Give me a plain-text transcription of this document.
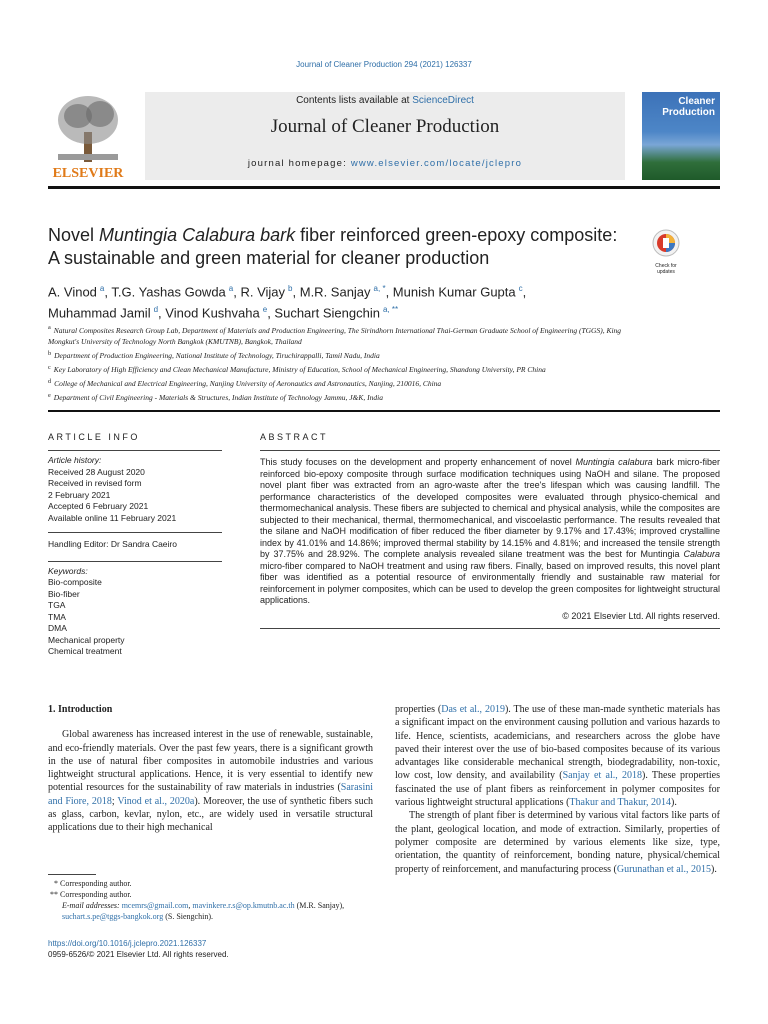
Journal of Cleaner Production 294 (2021) 126337
ELSEVIER
Contents lists available at ScienceDirect
Journal of Cleaner Production
journal homepage: www.elsevier.com/locate/jclepro
Cleaner
Production
Novel Muntingia Calabura bark fiber reinforced green-epoxy composite: A sustainable and green material for cleaner production	Check for updates
A. Vinod $^a$, T.G. Yashas Gowda $^a$, R. Vijay $^b$, M.R. Sanjay $^{a, *}$, Munish Kumar Gupta $^c$,
Muhammad Jamil $^d$, Vinod Kushvaha $^e$, Suchart Siengchin $^{a, **}$
$^a$ Natural Composites Research Group Lab, Department of Materials and Production Engineering, The Sirindhorn International Thai-German Graduate School of Engineering (TGGS), King Mongkut's University of Technology North Bangkok (KMUTNB), Bangkok, Thailand
$^b$ Department of Production Engineering, National Institute of Technology, Tiruchirappalli, Tamil Nadu, India
$^c$ Key Laboratory of High Efficiency and Clean Mechanical Manufacture, Ministry of Education, School of Mechanical Engineering, Shandong University, PR China
$^d$ College of Mechanical and Electrical Engineering, Nanjing University of Aeronautics and Astronautics, Nanjing, 210016, China
$^e$ Department of Civil Engineering - Materials & Structures, Indian Institute of Technology Jammu, J&K, India
ARTICLE INFO	ABSTRACT
Article history:
Received 28 August 2020
Received in revised form
2 February 2021
Accepted 6 February 2021
Available online 11 February 2021
Handling Editor: Dr Sandra Caeiro
Keywords:
Bio-composite
Bio-fiber
TGA
TMA
DMA
Mechanical property
Chemical treatment
This study focuses on the development and property enhancement of novel Muntingia calabura bark micro-fiber reinforced bio-epoxy composite through surface modification techniques using NaOH and silane. The proposed novel plant fiber was extracted from an agro-waste after the tree's lifespan which was causing landfill. The performance characteristics of the developed composites were evaluated through physico-chemical and thermomechanical analysis. These fibers are subjected to chemical and physical analysis, while the composites are subjected to their mechanical, thermal, thermomechanical, and viscoelastic performance. The results revealed that the silane and NaOH modification of fiber reduced the fiber diameter by 9.17% and 17.43%; improved crystalline index by 41.01% and 14.86%; improved thermal stability by 14.15% and 4.81%; and increased the tensile strength by 37.75% and 28.92%. The complete analysis revealed silane treatment was the best for Muntingia Calabura micro-fiber compared to NaOH treatment and using raw fibers. Finally, based on improved results, this novel plant fiber was identified as a potential resource of environmentally friendly and sustainable raw material for reinforcement in polymer composites, which can be used to develop the green composites for lightweight structural applications.
© 2021 Elsevier Ltd. All rights reserved.
1. Introduction

Global awareness has increased interest in the use of renewable, sustainable, and eco-friendly materials. Over the past few years, there is a significant growth in the use of natural fiber composites in automobile industries and various lightweight structural applications. Hence, it is very essential to identify new potential resources for the sustainability of raw materials in industries (Sarasini and Fiore, 2018; Vinod et al., 2020a). Moreover, the use of synthetic fibers such as glass, carbon, kevlar, nylon, etc., are widely used in versatile structural applications due to their high mechanical

properties (Das et al., 2019). The use of these man-made synthetic materials has a significant impact on the environment causing pollution and various hazards to life. Hence, scientists, academicians, and researchers across the globe have paved their interest over the use of bio-based composites because of its various advantages like considerable mechanical strength, biodegradability, non-toxic, low cost, low density, and availability (Sanjay et al., 2018). These properties fascinated the use of plant fibers as reinforcement in polymer composites for various lightweight structural applications (Thakur and Thakur, 2014).

The strength of plant fiber is determined by various vital factors like parts of the plant, geological location, and mode of extraction. Similarly, properties of polymer composite are determined by various elements like size, type, orientation, the quantity of reinforcement, bonding nature, physical/chemical property of reinforcement, and manufacturing process (Gurunathan et al., 2015).

* Corresponding author.
** Corresponding author.
E-mail addresses: mcemrs@gmail.com, mavinkere.r.s@op.kmutnb.ac.th (M.R. Sanjay), suchart.s.pe@tggs-bangkok.org (S. Siengchin).
https://doi.org/10.1016/j.jclepro.2021.126337
0959-6526/© 2021 Elsevier Ltd. All rights reserved.
